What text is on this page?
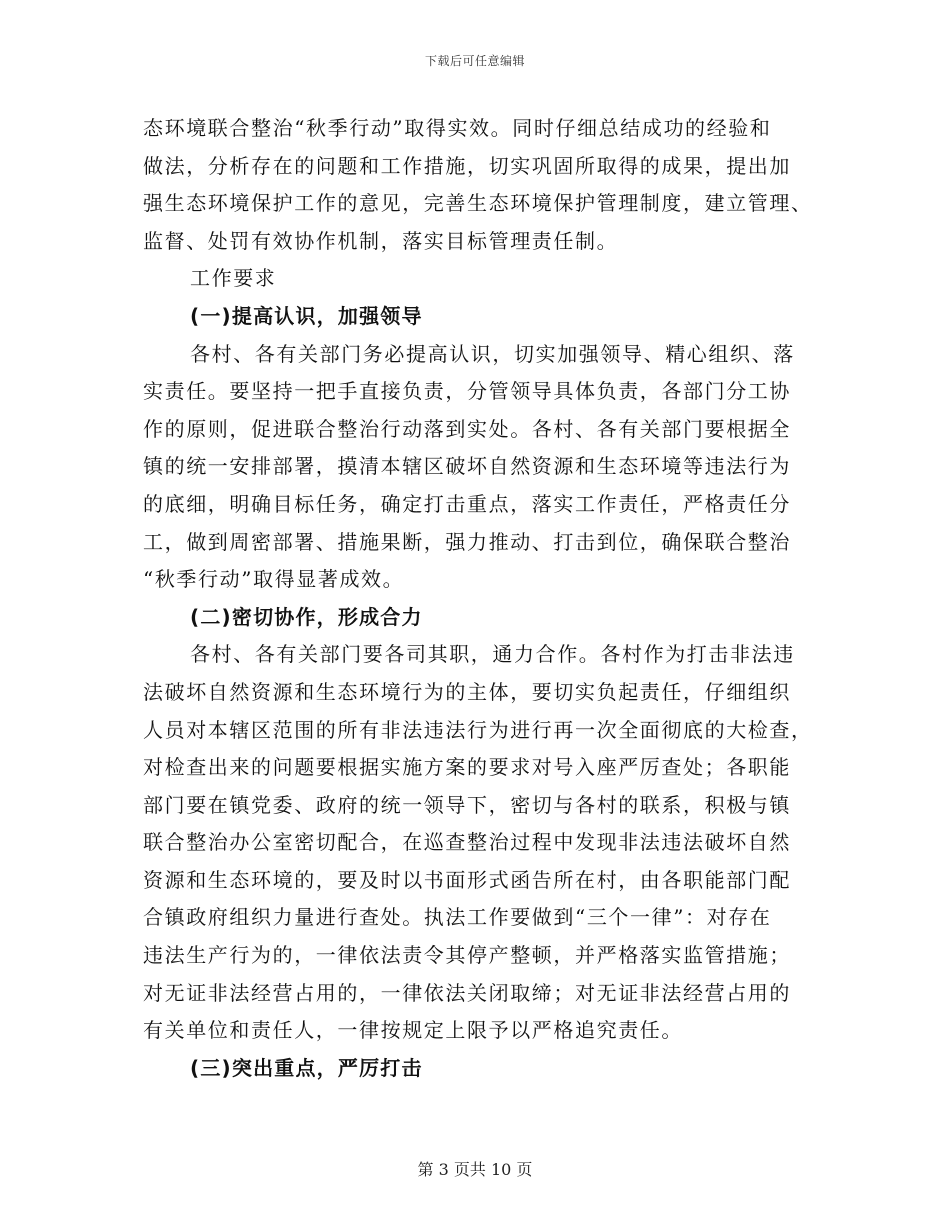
下载后可任意编辑
态环境联合整治“秋季行动”取得实效。同时仔细总结成功的经验和
做法，分析存在的问题和工作措施，切实巩固所取得的成果，提出加
强生态环境保护工作的意见，完善生态环境保护管理制度，建立管理、
监督、处罚有效协作机制，落实目标管理责任制。
工作要求
(一)提高认识，加强领导
各村、各有关部门务必提高认识，切实加强领导、精心组织、落
实责任。要坚持一把手直接负责，分管领导具体负责，各部门分工协
作的原则，促进联合整治行动落到实处。各村、各有关部门要根据全
镇的统一安排部署，摸清本辖区破坏自然资源和生态环境等违法行为
的底细，明确目标任务，确定打击重点，落实工作责任，严格责任分
工，做到周密部署、措施果断，强力推动、打击到位，确保联合整治
“秋季行动”取得显著成效。
(二)密切协作，形成合力
各村、各有关部门要各司其职，通力合作。各村作为打击非法违
法破坏自然资源和生态环境行为的主体，要切实负起责任，仔细组织
人员对本辖区范围的所有非法违法行为进行再一次全面彻底的大检查，
对检查出来的问题要根据实施方案的要求对号入座严厉查处；各职能
部门要在镇党委、政府的统一领导下，密切与各村的联系，积极与镇
联合整治办公室密切配合，在巡查整治过程中发现非法违法破坏自然
资源和生态环境的，要及时以书面形式函告所在村，由各职能部门配
合镇政府组织力量进行查处。执法工作要做到“三个一律”：对存在
违法生产行为的，一律依法责令其停产整顿，并严格落实监管措施；
对无证非法经营占用的，一律依法关闭取缔；对无证非法经营占用的
有关单位和责任人，一律按规定上限予以严格追究责任。
(三)突出重点，严厉打击
第 3 页共 10 页
